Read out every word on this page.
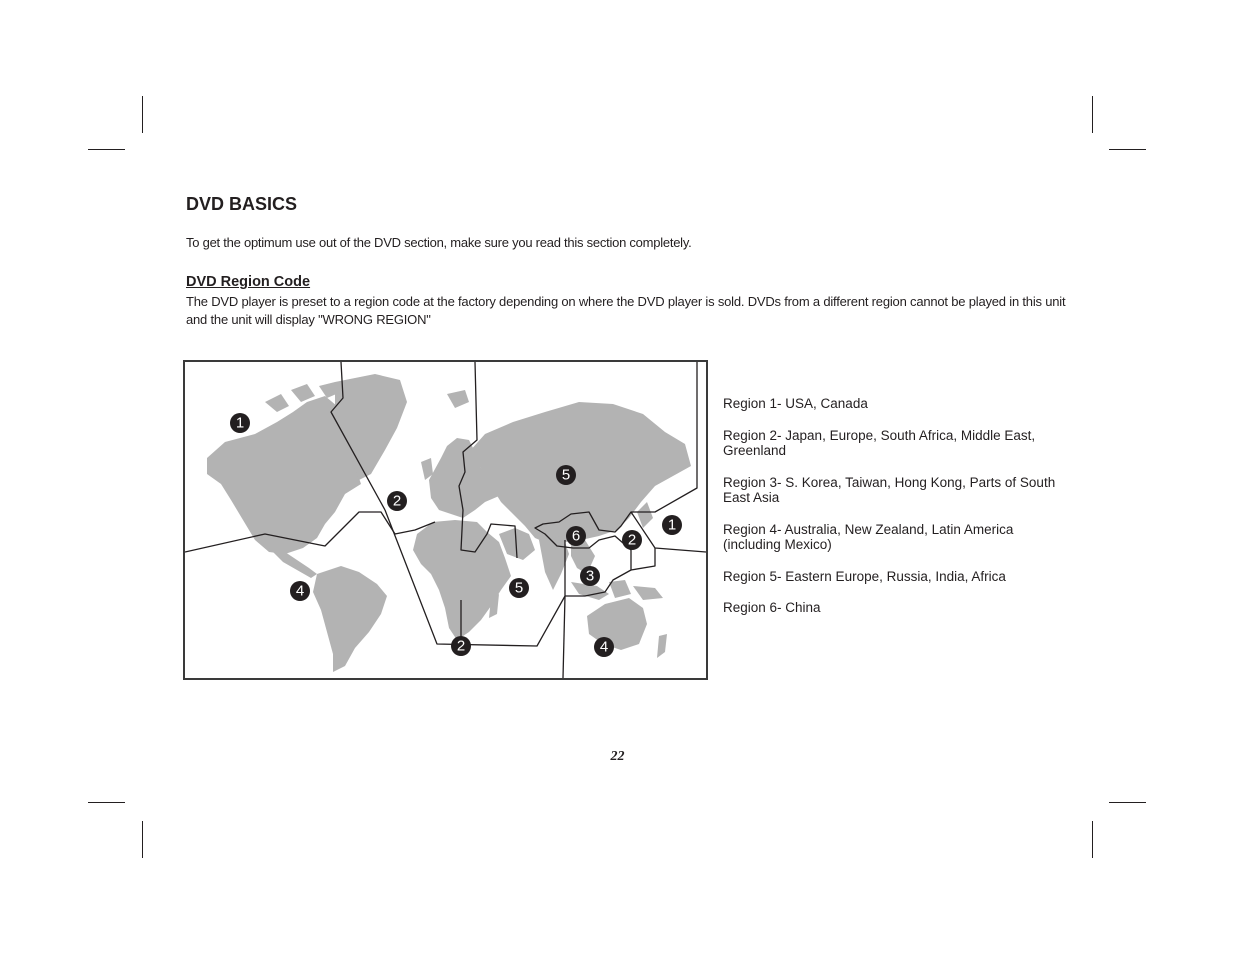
DVD BASICS

To get the optimum use out of the DVD section, make sure you read this section completely.

DVD Region Code

The DVD player is preset to a region code at the factory depending on where the DVD player is sold. DVDs from a different region cannot be played in this unit and the unit will display "WRONG REGION"

1
2
4
2
5
5
6	2
3
1
4

Region 1- USA, Canada

Region 2- Japan, Europe, South Africa, Middle East, Greenland

Region 3- S. Korea, Taiwan, Hong Kong, Parts of South East Asia

Region 4- Australia, New Zealand, Latin America (including Mexico)

Region 5- Eastern Europe, Russia, India, Africa

Region 6- China

22
